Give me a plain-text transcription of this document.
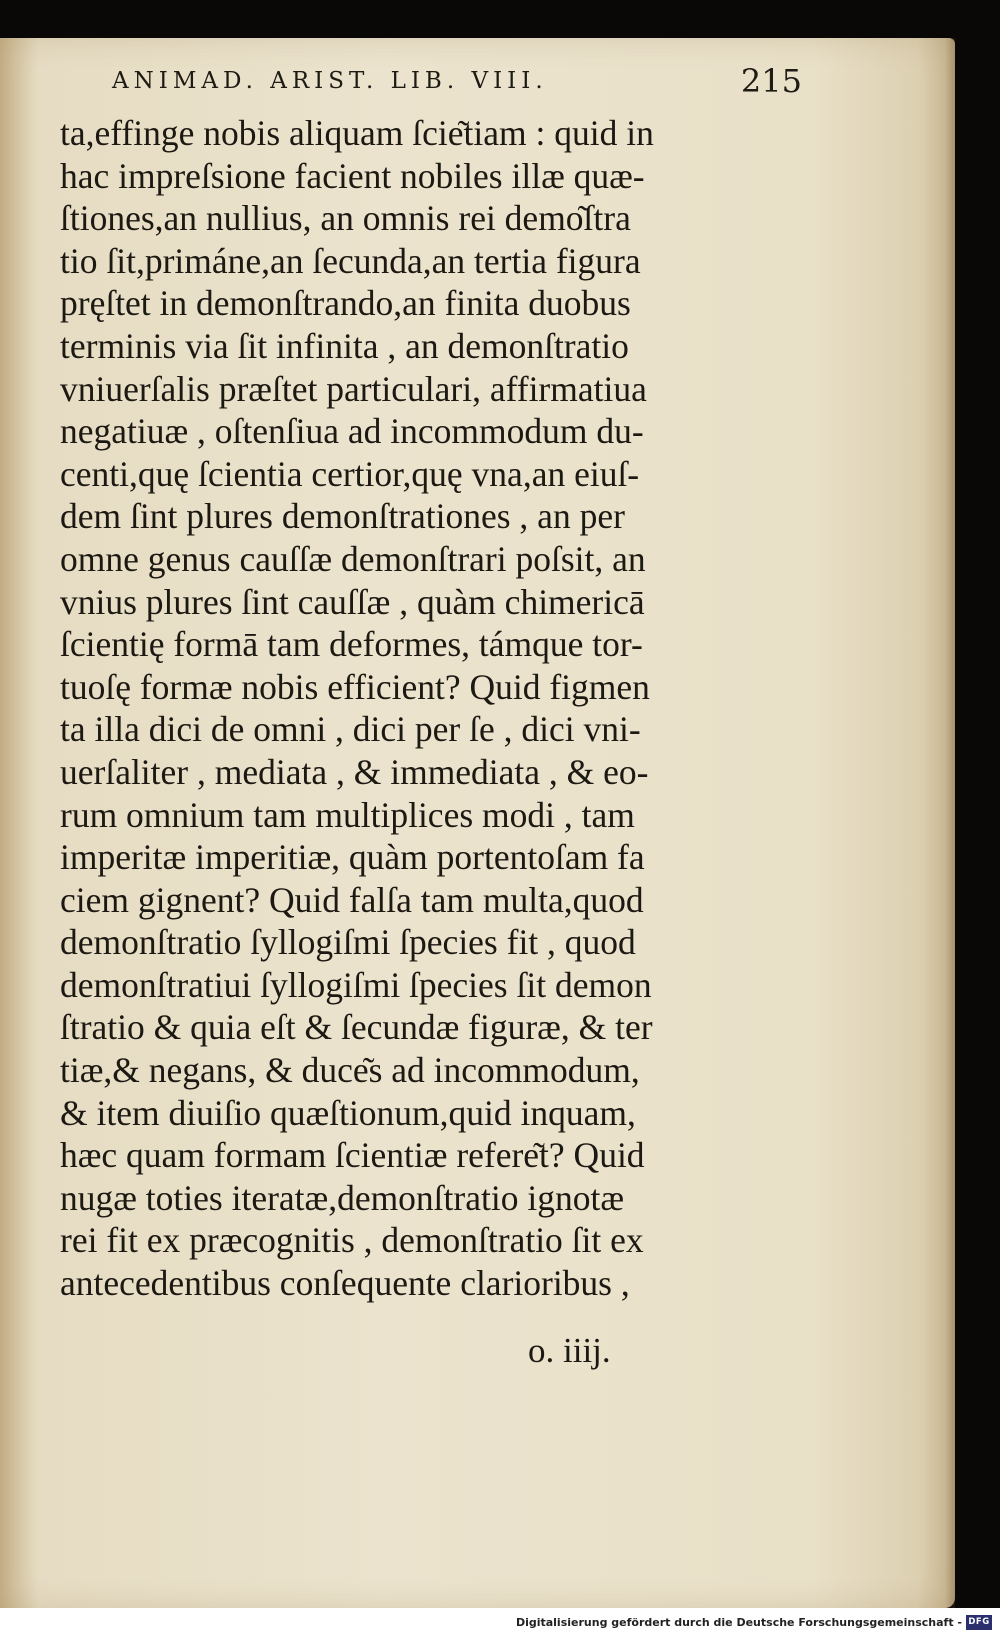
ANIMAD. ARIST. LIB. VIII.	215
ta,effinge nobis aliquam ſcie͂tiam : quid in
hac impreſsione facient nobiles illæ quæ-
ſtiones,an nullius, an omnis rei demo͂ſtra
tio ſit,primáne,an ſecunda,an tertia figura
pręſtet in demonſtrando,an finita duobus
terminis via ſit infinita , an demonſtratio
vniuerſalis præſtet particulari, affirmatiua
negatiuæ , oſtenſiua ad incommodum du-
centi,quę ſcientia certior,quę vna,an eiuſ-
dem ſint plures demonſtrationes , an per
omne genus cauſſæ demonſtrari poſsit, an
vnius plures ſint cauſſæ , quàm chimericā
ſcientię formā tam deformes, támque tor-
tuoſę formæ nobis efficient? Quid figmen
ta illa dici de omni , dici per ſe , dici vni-
uerſaliter , mediata , & immediata , & eo-
rum omnium tam multiplices modi , tam
imperitæ imperitiæ, quàm portentoſam fa
ciem gignent? Quid falſa tam multa,quod
demonſtratio ſyllogiſmi ſpecies fit , quod
demonſtratiui ſyllogiſmi ſpecies ſit demon
ſtratio & quia eſt & ſecundæ figuræ, & ter
tiæ,& negans, & duce͂s ad incommodum,
& item diuiſio quæſtionum,quid inquam,
hæc quam formam ſcientiæ refere͂t? Quid
nugæ toties iteratæ,demonſtratio ignotæ
rei fit ex præcognitis , demonſtratio ſit ex
antecedentibus conſequente clarioribus ,
o. iiij.
Digitalisierung gefördert durch die Deutsche Forschungsgemeinschaft - DFG
